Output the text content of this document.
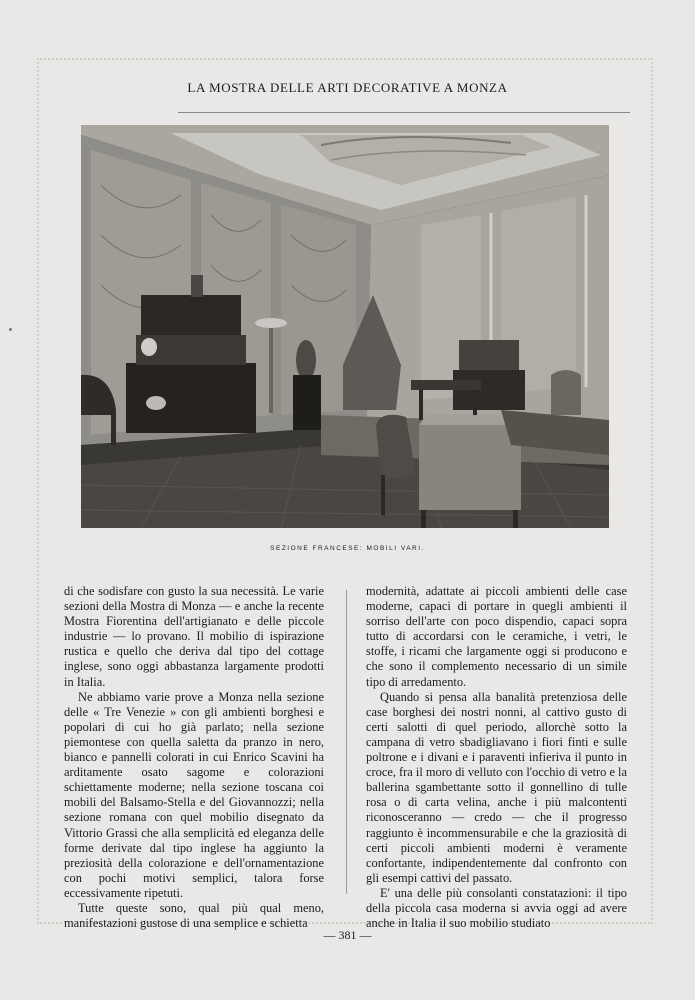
LA MOSTRA DELLE ARTI DECORATIVE A MONZA
SEZIONE FRANCESE: MOBILI VARI.

di che sodisfare con gusto la sua necessità. Le varie sezioni della Mostra di Monza — e anche la recente Mostra Fiorentina dell'artigianato e delle piccole industrie — lo provano. Il mobilio di ispirazione rustica e quello che deriva dal tipo del cottage inglese, sono oggi abbastanza largamente prodotti in Italia.

Ne abbiamo varie prove a Monza nella sezione delle « Tre Venezie » con gli ambienti borghesi e popolari di cui ho già parlato; nella sezione piemontese con quella saletta da pranzo in nero, bianco e pannelli colorati in cui Enrico Scavini ha arditamente osato sagome e colorazioni schiettamente moderne; nella sezione toscana coi mobili del Balsamo-Stella e del Giovannozzi; nella sezione romana con quel mobilio disegnato da Vittorio Grassi che alla semplicità ed eleganza delle forme derivate dal tipo inglese ha aggiunto la preziosità della colorazione e dell'ornamentazione con pochi motivi semplici, talora forse eccessivamente ripetuti.

Tutte queste sono, qual più qual meno, manifestazioni gustose di una semplice e schietta

modernità, adattate ai piccoli ambienti delle case moderne, capaci di portare in quegli ambienti il sorriso dell'arte con poco dispendio, capaci sopra tutto di accordarsi con le ceramiche, i vetri, le stoffe, i ricami che largamente oggi si producono e che sono il complemento necessario di un simile tipo di arredamento.

Quando si pensa alla banalità pretenziosa delle case borghesi dei nostri nonni, al cattivo gusto di certi salotti di quel periodo, allorchè sotto la campana di vetro sbadigliavano i fiori finti e sulle poltrone e i divani e i paraventi infieriva il punto in croce, fra il moro di velluto con l'occhio di vetro e la ballerina sgambettante sotto il gonnellino di tulle rosa o di carta velina, anche i più malcontenti riconosceranno — credo — che il progresso raggiunto è incommensurabile e che la graziosità di certi piccoli ambienti moderni è veramente confortante, indipendentemente dal confronto con gli esempi cattivi del passato.

E' una delle più consolanti constatazioni: il tipo della piccola casa moderna si avvia oggi ad avere anche in Italia il suo mobilio studiato

— 381 —
